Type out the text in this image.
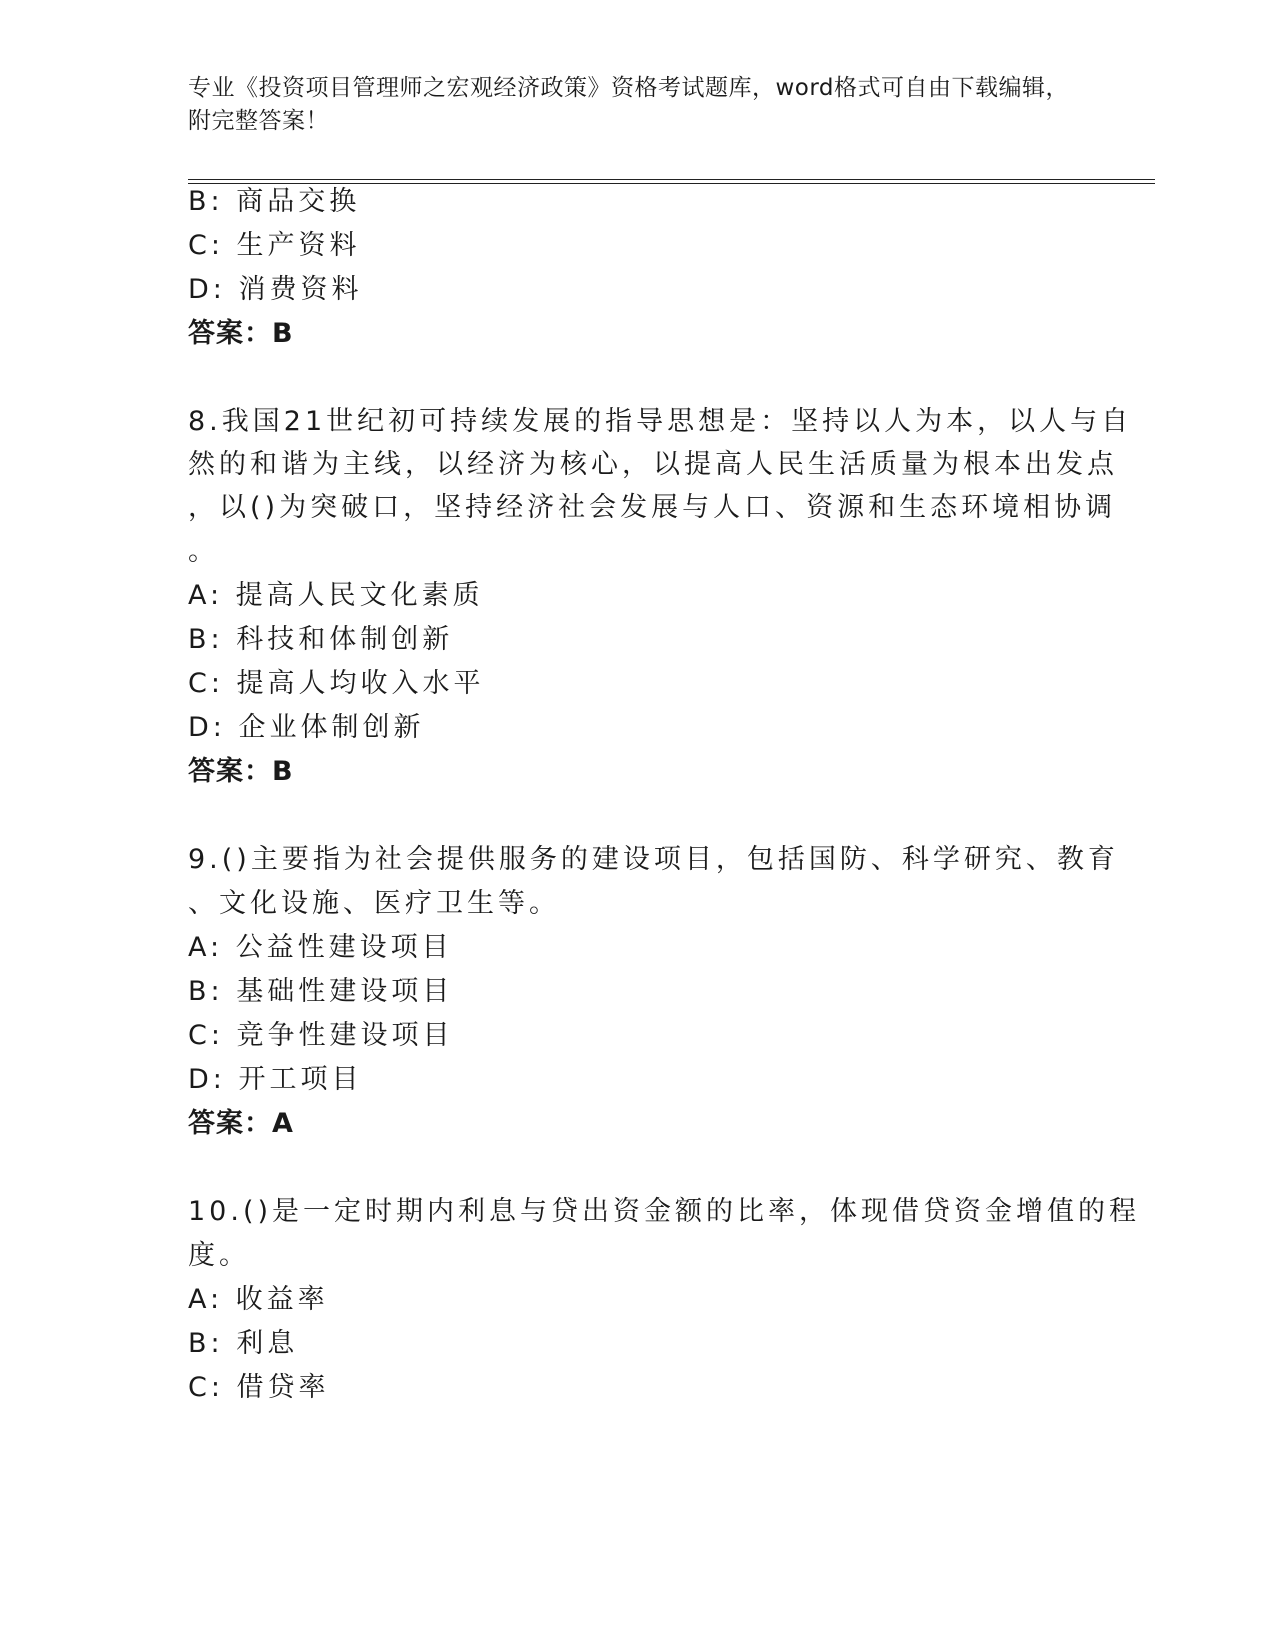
专业《投资项目管理师之宏观经济政策》资格考试题库，word格式可自由下载编辑，附完整答案！
B: 商品交换
C: 生产资料
D: 消费资料
答案：B
8.我国21世纪初可持续发展的指导思想是：坚持以人为本，以人与自
然的和谐为主线，以经济为核心，以提高人民生活质量为根本出发点
，以()为突破口，坚持经济社会发展与人口、资源和生态环境相协调
。
A: 提高人民文化素质
B: 科技和体制创新
C: 提高人均收入水平
D: 企业体制创新
答案：B
9.()主要指为社会提供服务的建设项目，包括国防、科学研究、教育
、文化设施、医疗卫生等。
A: 公益性建设项目
B: 基础性建设项目
C: 竞争性建设项目
D: 开工项目
答案：A
10.()是一定时期内利息与贷出资金额的比率，体现借贷资金增值的程
度。
A: 收益率
B: 利息
C: 借贷率
